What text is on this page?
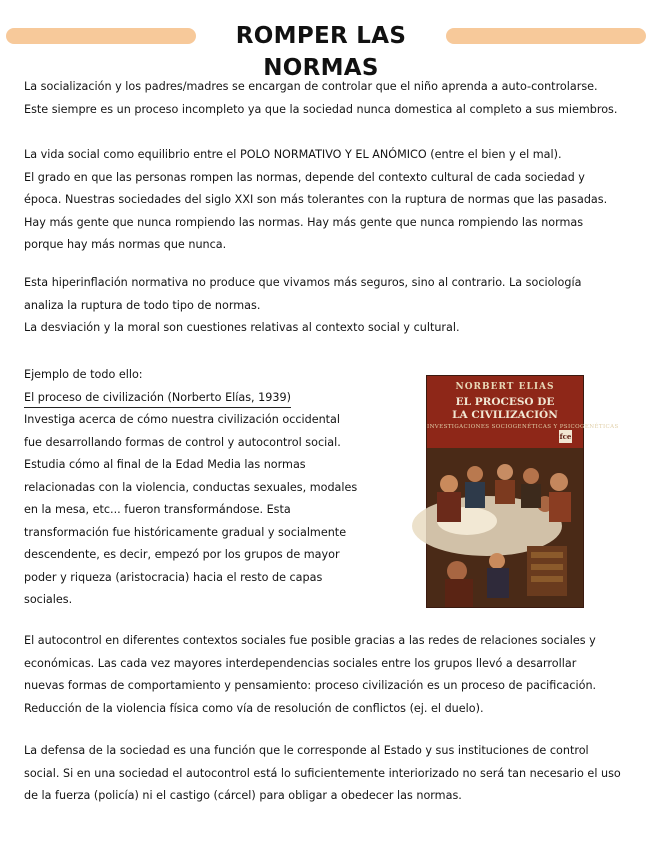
ROMPER LAS NORMAS

La socialización y los padres/madres se encargan de controlar que el niño aprenda a auto-controlarse.
Este siempre es un proceso incompleto ya que la sociedad nunca domestica al completo a sus miembros.

La vida social como equilibrio entre el POLO NORMATIVO Y EL ANÓMICO (entre el bien y el mal).
El grado en que las personas rompen las normas, depende del contexto cultural de cada sociedad y
época. Nuestras sociedades del siglo XXI son más tolerantes con la ruptura de normas que las pasadas.
Hay más gente que nunca rompiendo las normas. Hay más gente que nunca rompiendo las normas
porque hay más normas que nunca.

Esta hiperinflación normativa no produce que vivamos más seguros, sino al contrario. La sociología
analiza la ruptura de todo tipo de normas.
La desviación y la moral son cuestiones relativas al contexto social y cultural.

Ejemplo de todo ello:
El proceso de civilización (Norberto Elías, 1939)
Investiga acerca de cómo nuestra civilización occidental
fue desarrollando formas de control y autocontrol social.
Estudia cómo al final de la Edad Media las normas
relacionadas con la violencia, conductas sexuales, modales
en la mesa, etc... fueron transformándose. Esta
transformación fue históricamente gradual y socialmente
descendente, es decir, empezó por los grupos de mayor
poder y riqueza (aristocracia) hacia el resto de capas
sociales.

NORBERT ELIAS
EL PROCESO DE
LA CIVILIZACIÓN
INVESTIGACIONES SOCIOGENÉTICAS Y PSICOGENÉTICAS
fce

El autocontrol en diferentes contextos sociales fue posible gracias a las redes de relaciones sociales y
económicas. Las cada vez mayores interdependencias sociales entre los grupos llevó a desarrollar
nuevas formas de comportamiento y pensamiento: proceso civilización es un proceso de pacificación.
Reducción de la violencia física como vía de resolución de conflictos (ej. el duelo).

La defensa de la sociedad es una función que le corresponde al Estado y sus instituciones de control
social. Si en una sociedad el autocontrol está lo suficientemente interiorizado no será tan necesario el uso
de la fuerza (policía) ni el castigo (cárcel) para obligar a obedecer las normas.
